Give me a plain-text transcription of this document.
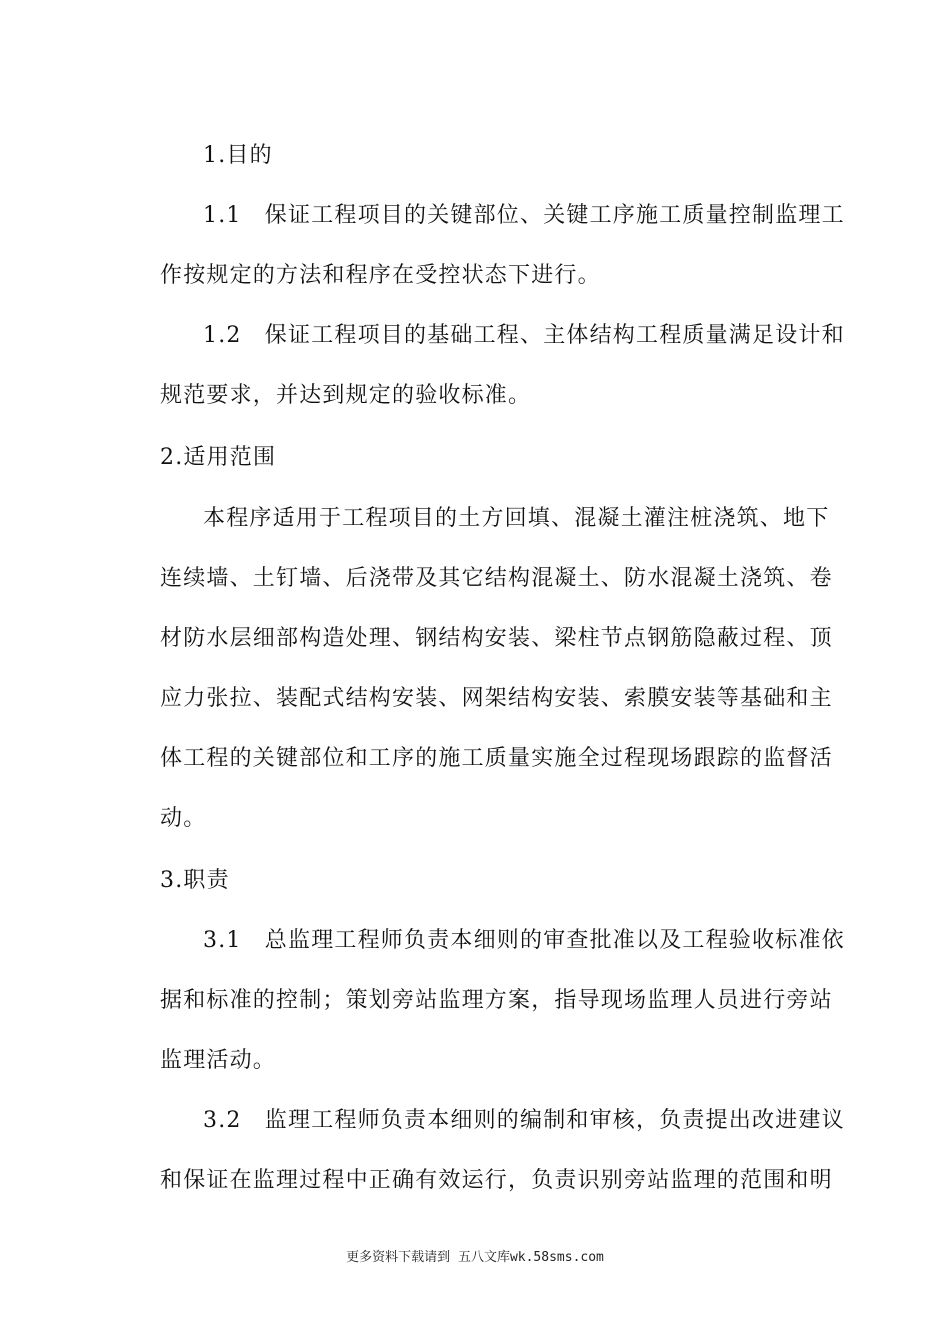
1.目的
1.1　保证工程项目的关键部位、关键工序施工质量控制监理工
作按规定的方法和程序在受控状态下进行。
1.2　保证工程项目的基础工程、主体结构工程质量满足设计和
规范要求，并达到规定的验收标准。
2.适用范围
本程序适用于工程项目的土方回填、混凝土灌注桩浇筑、地下
连续墙、土钉墙、后浇带及其它结构混凝土、防水混凝土浇筑、卷
材防水层细部构造处理、钢结构安装、梁柱节点钢筋隐蔽过程、顶
应力张拉、装配式结构安装、网架结构安装、索膜安装等基础和主
体工程的关键部位和工序的施工质量实施全过程现场跟踪的监督活
动。
3.职责
3.1　总监理工程师负责本细则的审查批准以及工程验收标准依
据和标准的控制；策划旁站监理方案，指导现场监理人员进行旁站
监理活动。
3.2　监理工程师负责本细则的编制和审核，负责提出改进建议
和保证在监理过程中正确有效运行，负责识别旁站监理的范围和明
更多资料下载请到 五八文库wk.58sms.com
